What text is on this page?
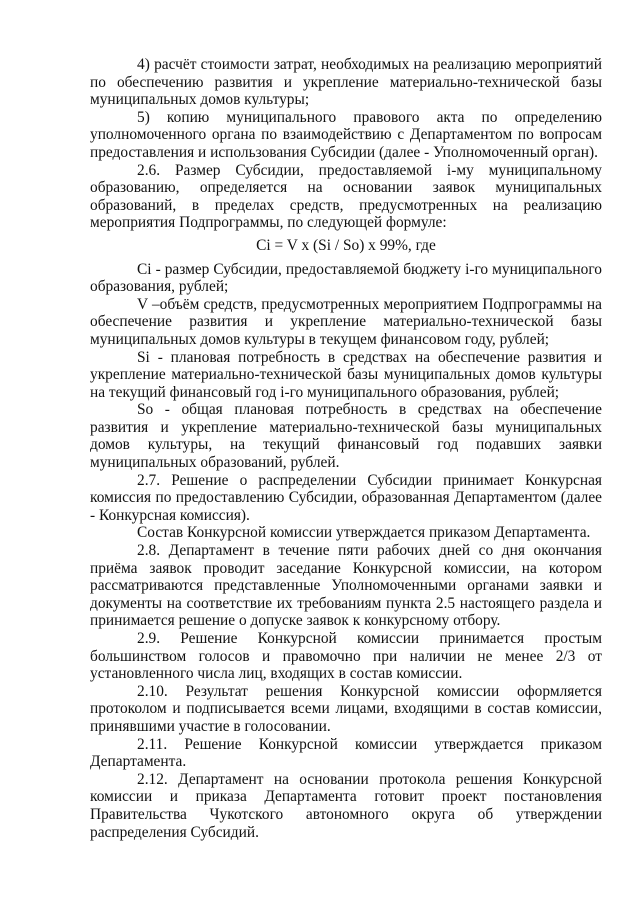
4) расчёт стоимости затрат, необходимых на реализацию мероприятий по обеспечению развития и укрепление материально-технической базы муниципальных домов культуры;

5) копию муниципального правового акта по определению уполномоченного органа по взаимодействию с Департаментом по вопросам предоставления и использования Субсидии (далее - Уполномоченный орган).

2.6. Размер Субсидии, предоставляемой i-му муниципальному образованию, определяется на основании заявок муниципальных образований, в пределах средств, предусмотренных на реализацию мероприятия Подпрограммы, по следующей формуле:

Ci = V x (Si / So) x 99%, где

Ci - размер Субсидии, предоставляемой бюджету i-го муниципального образования, рублей;

V –объём средств, предусмотренных мероприятием Подпрограммы на обеспечение развития и укрепление материально-технической базы муниципальных домов культуры в текущем финансовом году, рублей;

Si - плановая потребность в средствах на обеспечение развития и укрепление материально-технической базы муниципальных домов культуры на текущий финансовый год i-го муниципального образования, рублей;

So - общая плановая потребность в средствах на обеспечение развития и укрепление материально-технической базы муниципальных домов культуры, на текущий финансовый год подавших заявки муниципальных образований, рублей.

2.7. Решение о распределении Субсидии принимает Конкурсная комиссия по предоставлению Субсидии, образованная Департаментом (далее - Конкурсная комиссия).

Состав Конкурсной комиссии утверждается приказом Департамента.

2.8. Департамент в течение пяти рабочих дней со дня окончания приёма заявок проводит заседание Конкурсной комиссии, на котором рассматриваются представленные Уполномоченными органами заявки и документы на соответствие их требованиям пункта 2.5 настоящего раздела и принимается решение о допуске заявок к конкурсному отбору.

2.9. Решение Конкурсной комиссии принимается простым большинством голосов и правомочно при наличии не менее 2/3 от установленного числа лиц, входящих в состав комиссии.

2.10. Результат решения Конкурсной комиссии оформляется протоколом и подписывается всеми лицами, входящими в состав комиссии, принявшими участие в голосовании.

2.11. Решение Конкурсной комиссии утверждается приказом Департамента.

2.12. Департамент на основании протокола решения Конкурсной комиссии и приказа Департамента готовит проект постановления Правительства Чукотского автономного округа об утверждении распределения Субсидий.
